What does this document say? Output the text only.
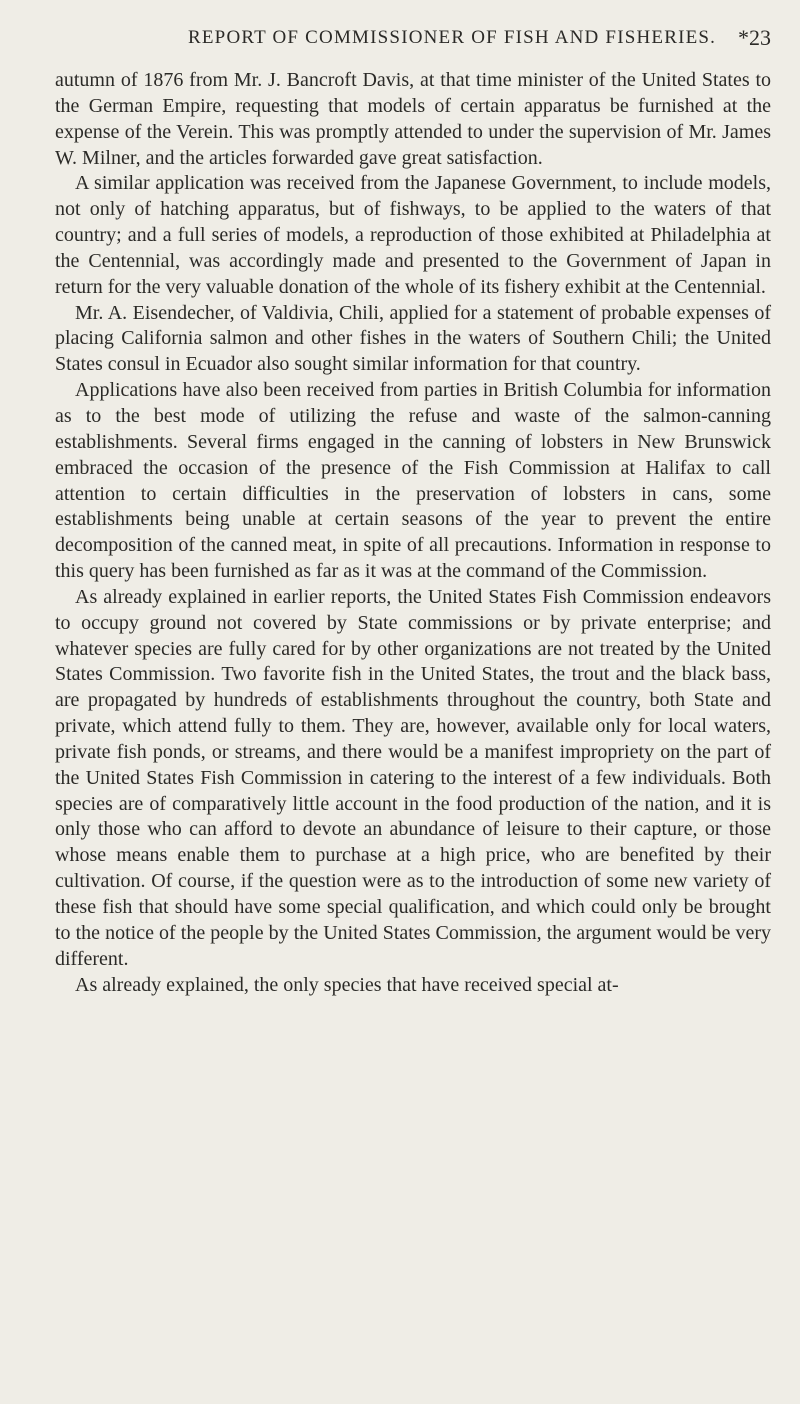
REPORT OF COMMISSIONER OF FISH AND FISHERIES. *23

autumn of 1876 from Mr. J. Bancroft Davis, at that time minister of the United States to the German Empire, requesting that models of certain apparatus be furnished at the expense of the Verein. This was promptly attended to under the supervision of Mr. James W. Milner, and the articles forwarded gave great satisfaction.

A similar application was received from the Japanese Government, to include models, not only of hatching apparatus, but of fishways, to be applied to the waters of that country; and a full series of models, a reproduction of those exhibited at Philadelphia at the Centennial, was accordingly made and presented to the Government of Japan in return for the very valuable donation of the whole of its fishery exhibit at the Centennial.

Mr. A. Eisendecher, of Valdivia, Chili, applied for a statement of probable expenses of placing California salmon and other fishes in the waters of Southern Chili; the United States consul in Ecuador also sought similar information for that country.

Applications have also been received from parties in British Columbia for information as to the best mode of utilizing the refuse and waste of the salmon-canning establishments. Several firms engaged in the canning of lobsters in New Brunswick embraced the occasion of the presence of the Fish Commission at Halifax to call attention to certain difficulties in the preservation of lobsters in cans, some establishments being unable at certain seasons of the year to prevent the entire decomposition of the canned meat, in spite of all precautions. Information in response to this query has been furnished as far as it was at the command of the Commission.

As already explained in earlier reports, the United States Fish Commission endeavors to occupy ground not covered by State commissions or by private enterprise; and whatever species are fully cared for by other organizations are not treated by the United States Commission. Two favorite fish in the United States, the trout and the black bass, are propagated by hundreds of establishments throughout the country, both State and private, which attend fully to them. They are, however, available only for local waters, private fish ponds, or streams, and there would be a manifest impropriety on the part of the United States Fish Commission in catering to the interest of a few individuals. Both species are of comparatively little account in the food production of the nation, and it is only those who can afford to devote an abundance of leisure to their capture, or those whose means enable them to purchase at a high price, who are benefited by their cultivation. Of course, if the question were as to the introduction of some new variety of these fish that should have some special qualification, and which could only be brought to the notice of the people by the United States Commission, the argument would be very different.

As already explained, the only species that have received special at-
